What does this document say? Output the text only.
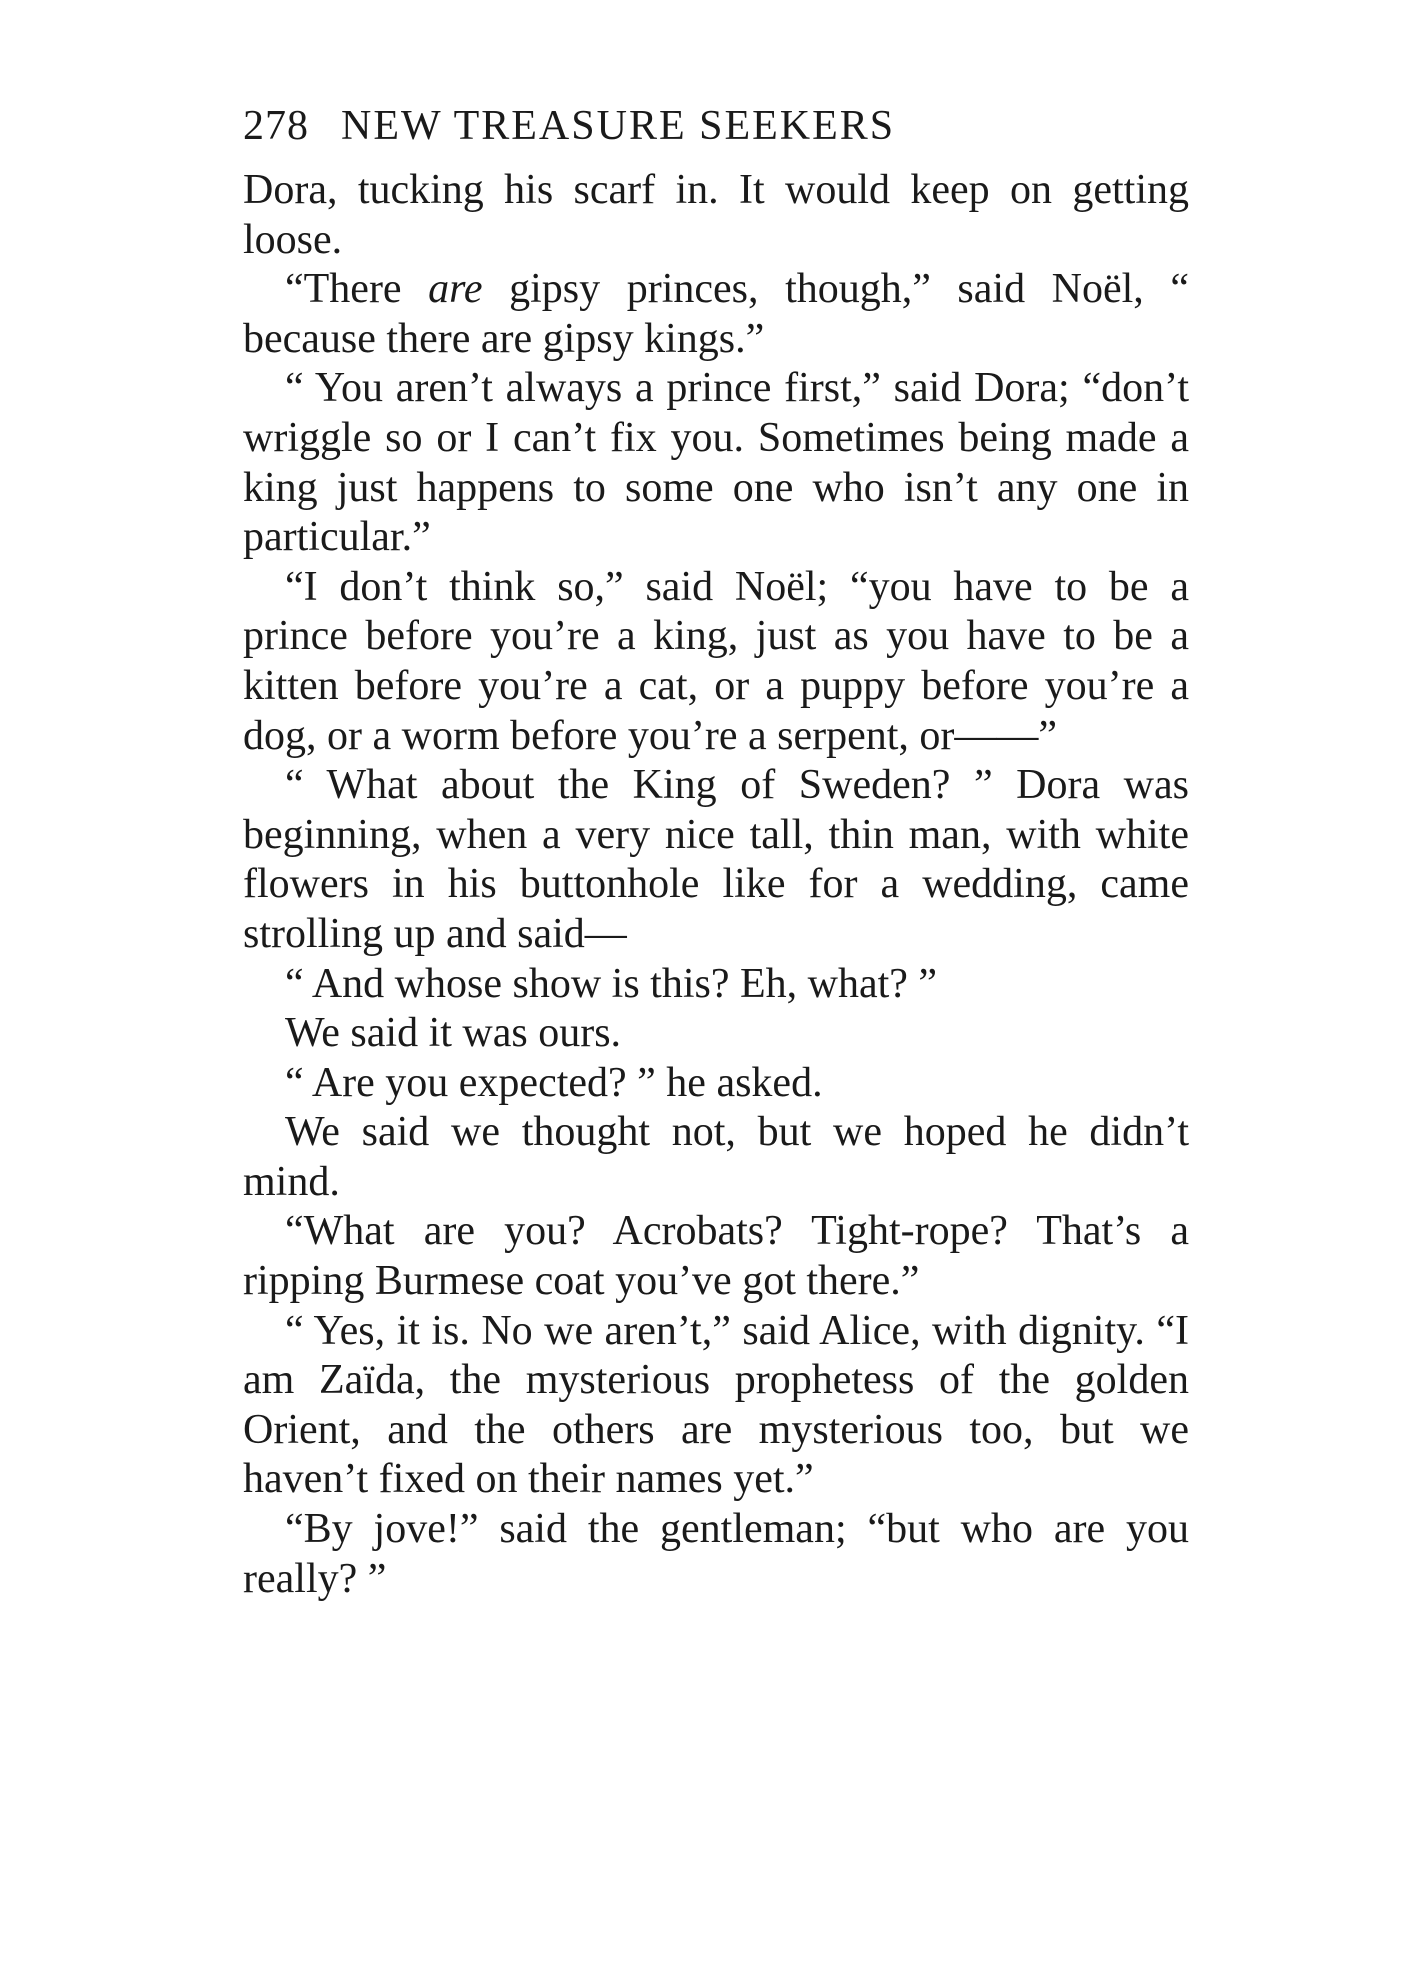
278 NEW TREASURE SEEKERS

Dora, tucking his scarf in. It would keep on getting loose.

“There are gipsy princes, though,” said Noël, “ because there are gipsy kings.”

“ You aren’t always a prince first,” said Dora; “don’t wriggle so or I can’t fix you. Sometimes being made a king just happens to some one who isn’t any one in particular.”

“I don’t think so,” said Noël; “you have to be a prince before you’re a king, just as you have to be a kitten before you’re a cat, or a puppy before you’re a dog, or a worm before you’re a serpent, or——”

“ What about the King of Sweden? ” Dora was beginning, when a very nice tall, thin man, with white flowers in his buttonhole like for a wedding, came strolling up and said—

“ And whose show is this? Eh, what? ”

We said it was ours.

“ Are you expected? ” he asked.

We said we thought not, but we hoped he didn’t mind.

“What are you? Acrobats? Tight-rope? That’s a ripping Burmese coat you’ve got there.”

“ Yes, it is. No we aren’t,” said Alice, with dignity. “I am Zaïda, the mysterious prophetess of the golden Orient, and the others are mysterious too, but we haven’t fixed on their names yet.”

“By jove!” said the gentleman; “but who are you really? ”
